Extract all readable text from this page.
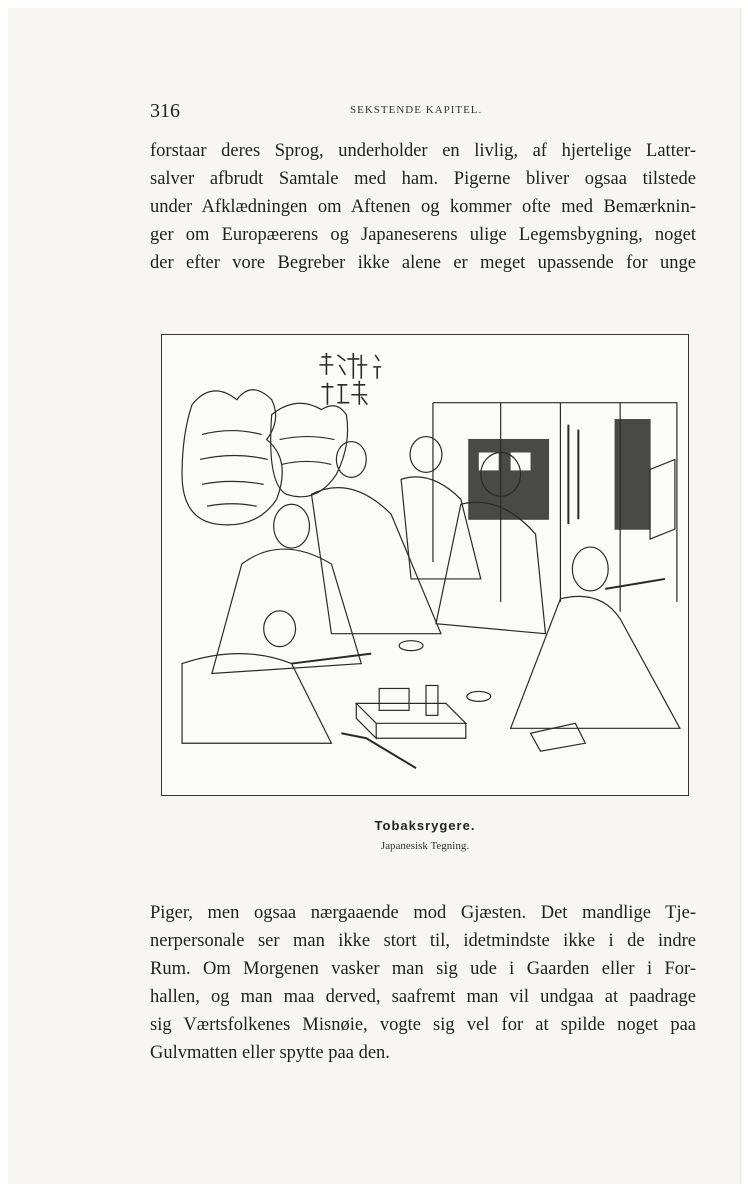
316	SEKSTENDE KAPITEL.
forstaar deres Sprog, underholder en livlig, af hjertelige Latter-
salver afbrudt Samtale med ham. Pigerne bliver ogsaa tilstede
under Afklædningen om Aftenen og kommer ofte med Bemærknin-
ger om Europæerens og Japaneserens ulige Legemsbygning, noget
der efter vore Begreber ikke alene er meget upassende for unge
Tobaksrygere.
Japanesisk Tegning.
Piger, men ogsaa nærgaaende mod Gjæsten. Det mandlige Tje-
nerpersonale ser man ikke stort til, idetmindste ikke i de indre
Rum. Om Morgenen vasker man sig ude i Gaarden eller i For-
hallen, og man maa derved, saafremt man vil undgaa at paadrage
sig Værtsfolkenes Misnøie, vogte sig vel for at spilde noget paa
Gulvmatten eller spytte paa den.
